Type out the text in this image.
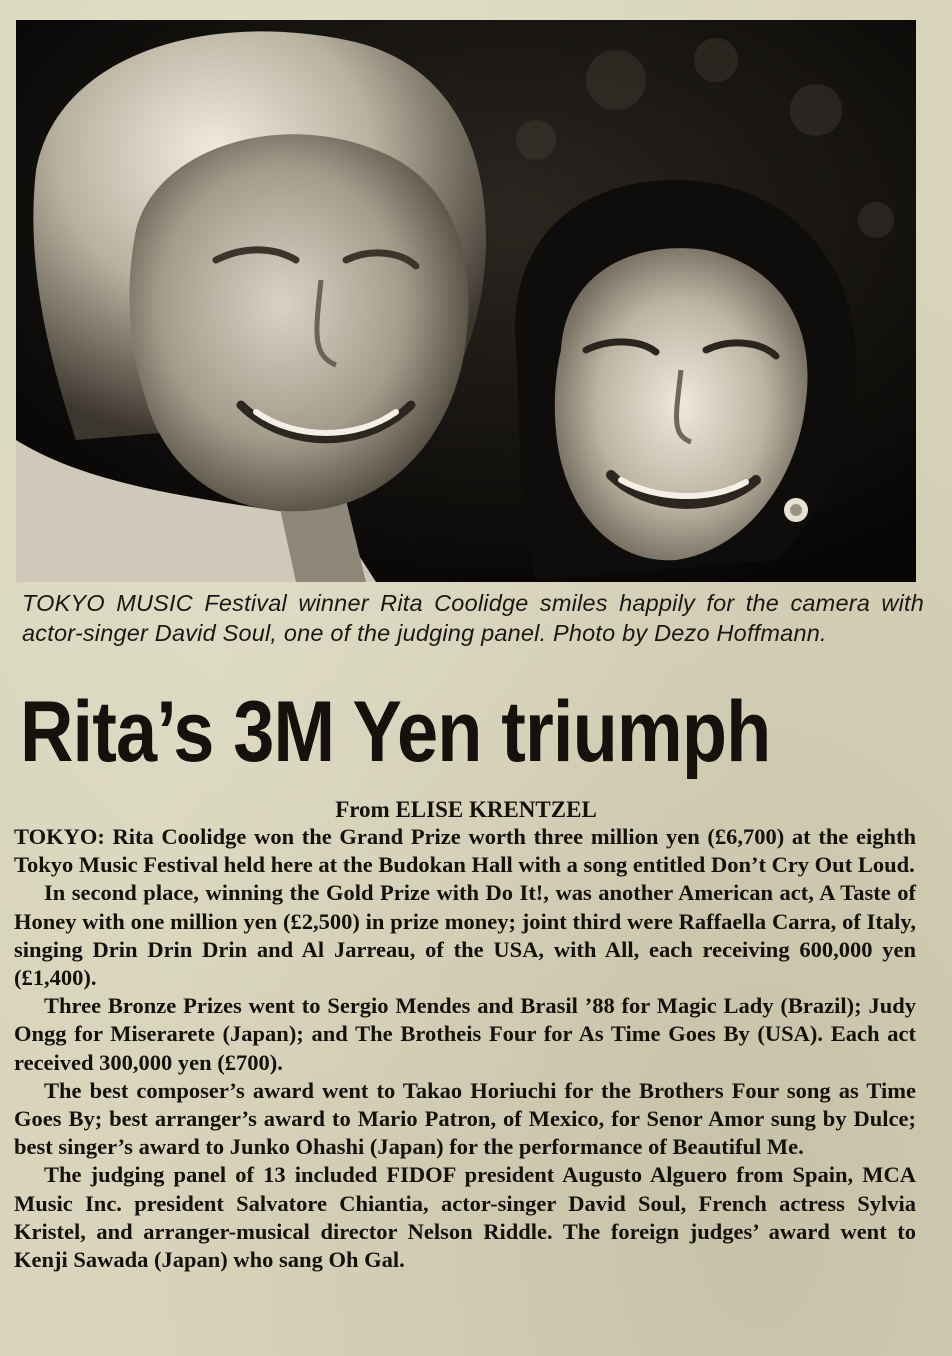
TOKYO MUSIC Festival winner Rita Coolidge smiles happily for the camera with actor-singer David Soul, one of the judging panel. Photo by Dezo Hoffmann.
Rita’s 3M Yen triumph
From ELISE KRENTZEL

TOKYO: Rita Coolidge won the Grand Prize worth three million yen (£6,700) at the eighth Tokyo Music Festival held here at the Budokan Hall with a song entitled Don’t Cry Out Loud.

In second place, winning the Gold Prize with Do It!, was another American act, A Taste of Honey with one million yen (£2,500) in prize money; joint third were Raffaella Carra, of Italy, singing Drin Drin Drin and Al Jarreau, of the USA, with All, each receiving 600,000 yen (£1,400).

Three Bronze Prizes went to Sergio Mendes and Brasil ’88 for Magic Lady (Brazil); Judy Ongg for Miserarete (Japan); and The Brotheis Four for As Time Goes By (USA). Each act received 300,000 yen (£700).

The best composer’s award went to Takao Horiuchi for the Brothers Four song as Time Goes By; best arranger’s award to Mario Patron, of Mexico, for Senor Amor sung by Dulce; best singer’s award to Junko Ohashi (Japan) for the performance of Beautiful Me.

The judging panel of 13 included FIDOF president Augusto Alguero from Spain, MCA Music Inc. president Salvatore Chiantia, actor-singer David Soul, French actress Sylvia Kristel, and arranger-musical director Nelson Riddle. The foreign judges’ award went to Kenji Sawada (Japan) who sang Oh Gal.
